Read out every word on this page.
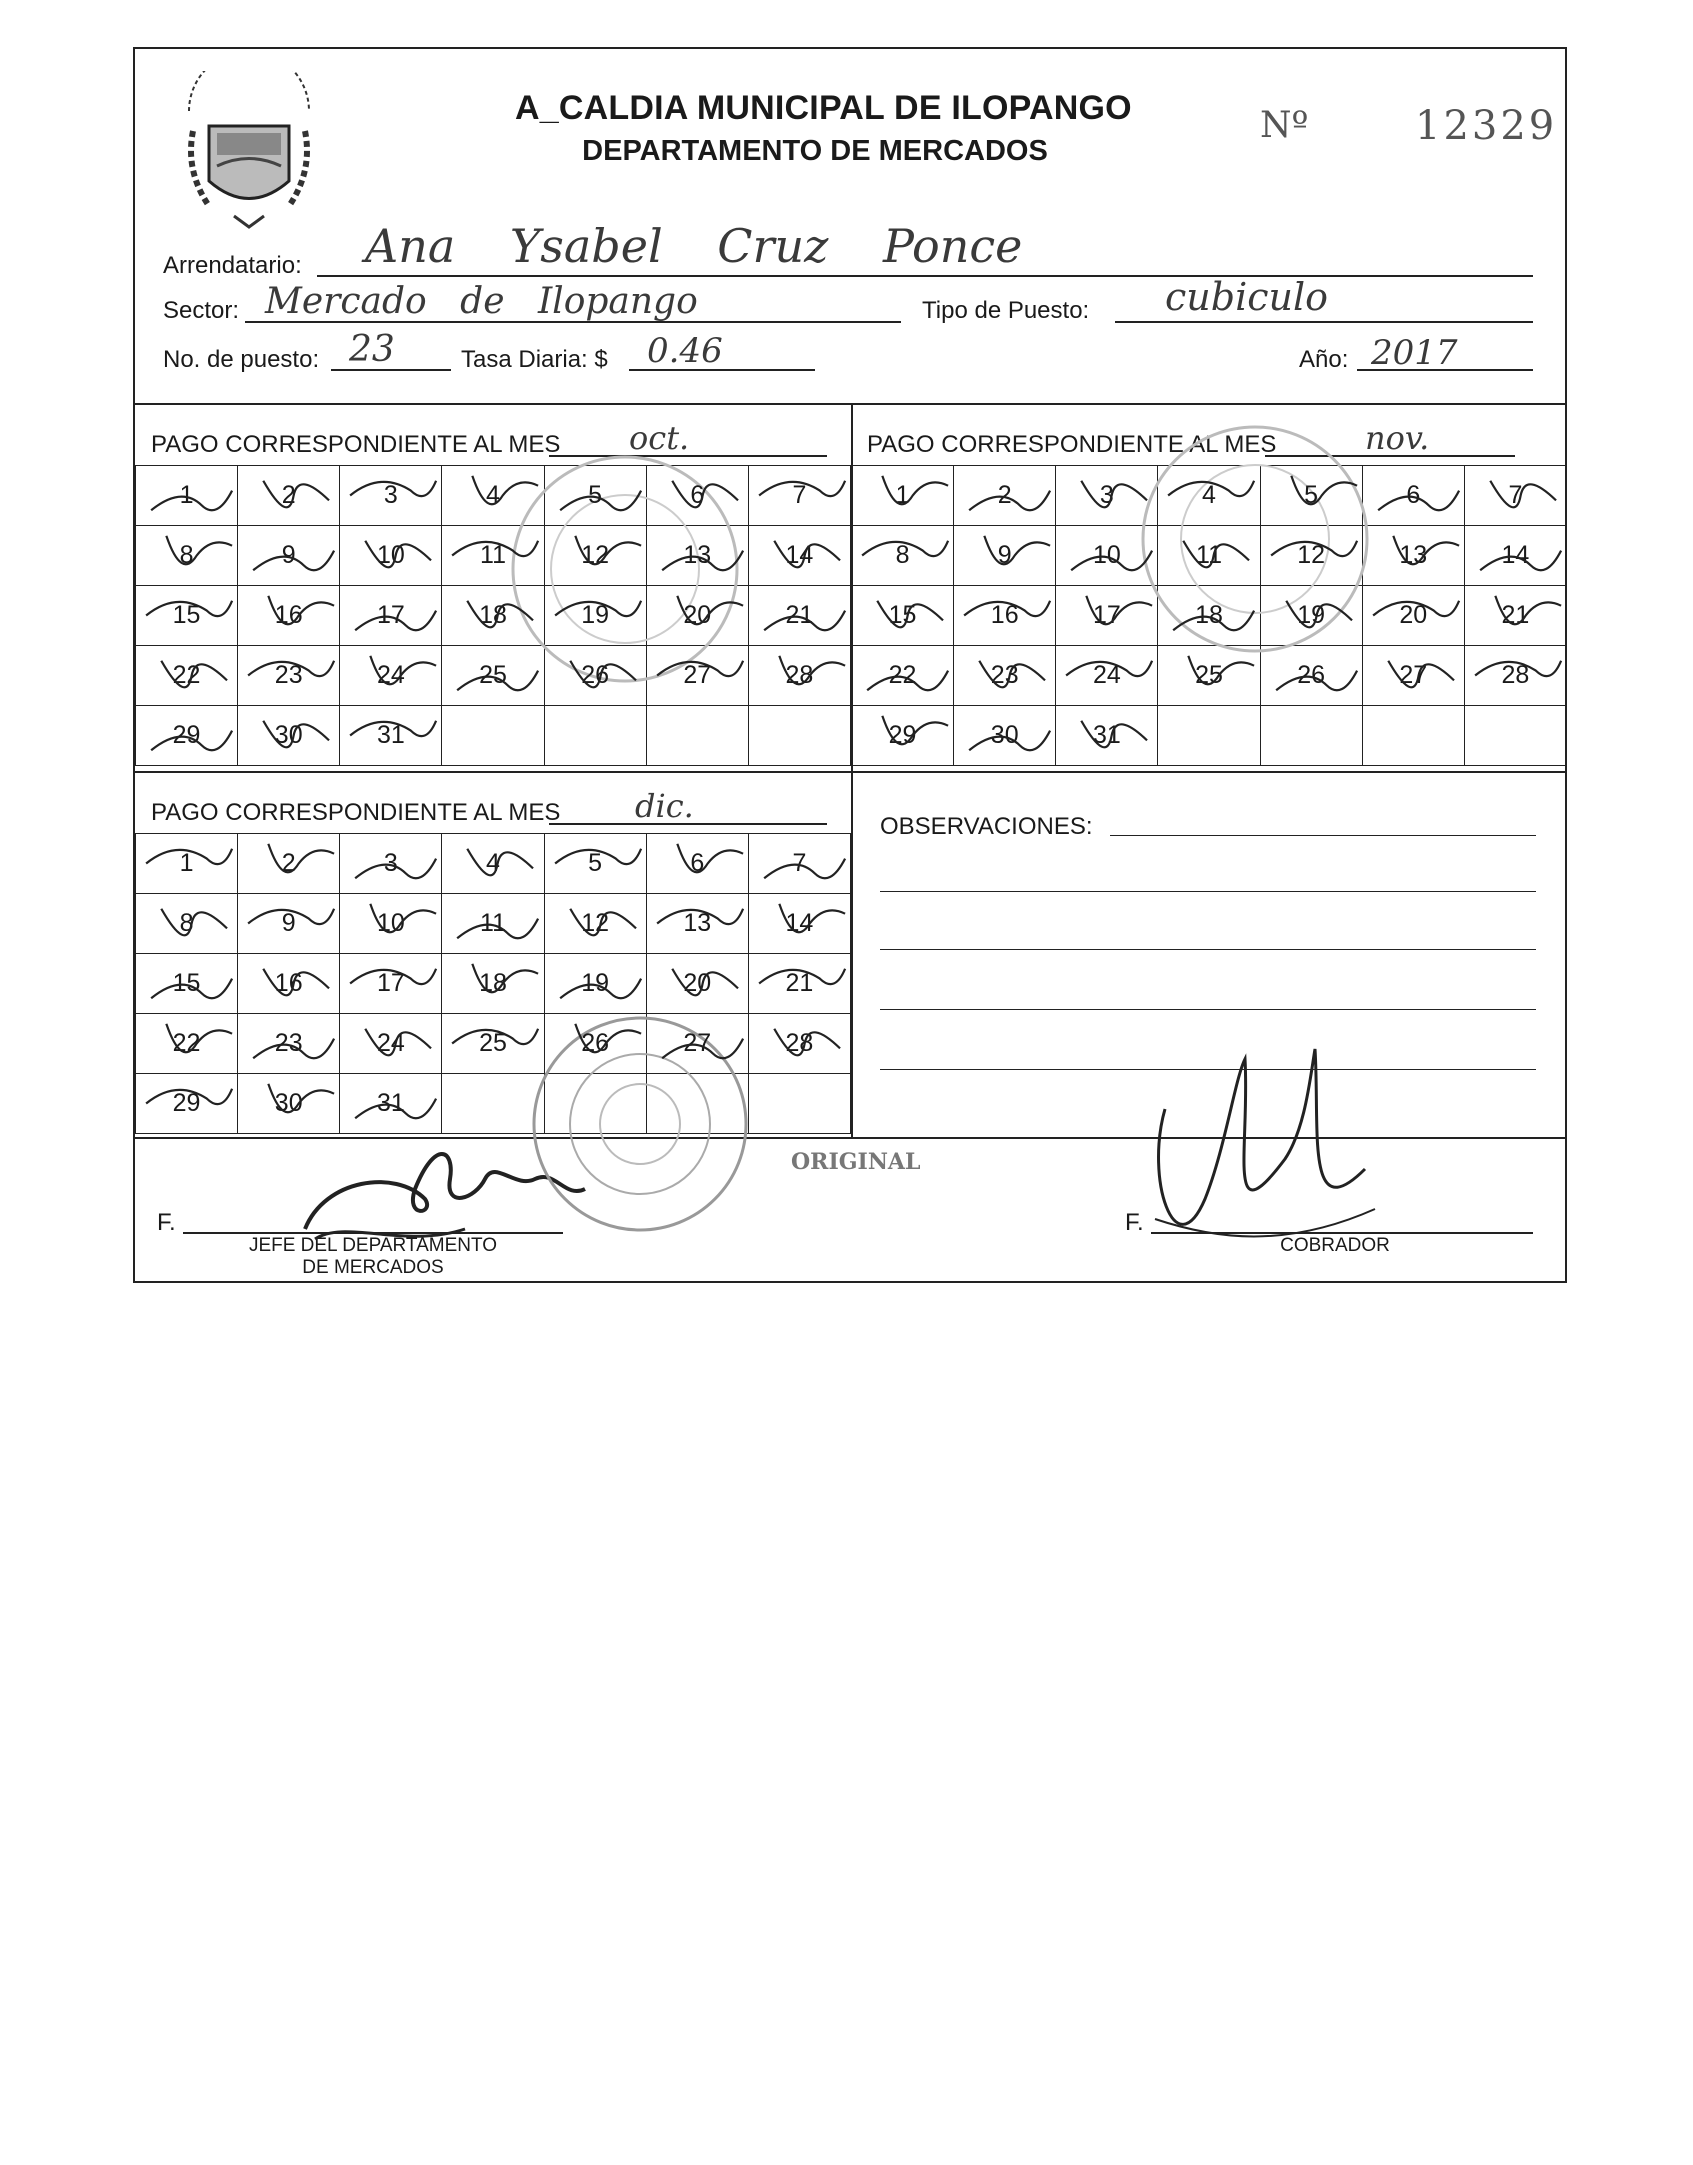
A_CALDIA MUNICIPAL DE ILOPANGO
DEPARTAMENTO DE MERCADOS
Nº	12329
Arrendatario: Ana Ysabel Cruz Ponce
Sector: Mercado de Ilopango	Tipo de Puesto: cubiculo
No. de puesto: 23	Tasa Diaria: $ 0.46	Año: 2017
PAGO CORRESPONDIENTE AL MES oct.
1	2	3	4	5	6	7

8	9	10	11	12	13	14

15	16	17	18	19	20	21

22	23	24	25	26	27	28

29	30	31

PAGO CORRESPONDIENTE AL MES	nov.
1	2	3	4	5	6	7

8	9	10	11	12	13	14

15	16	17	18	19	20	21

22	23	24	25	26	27	28

29	30	31

PAGO CORRESPONDIENTE AL MES dic.
1	2	3	4	5	6	7

8	9	10	11	12	13	14

15	16	17	18	19	20	21

22	23	24	25	26	27	28

29	30	31

OBSERVACIONES:
ORIGINAL
F.
JEFE DEL DEPARTAMENTO
DE MERCADOS
F.
COBRADOR
